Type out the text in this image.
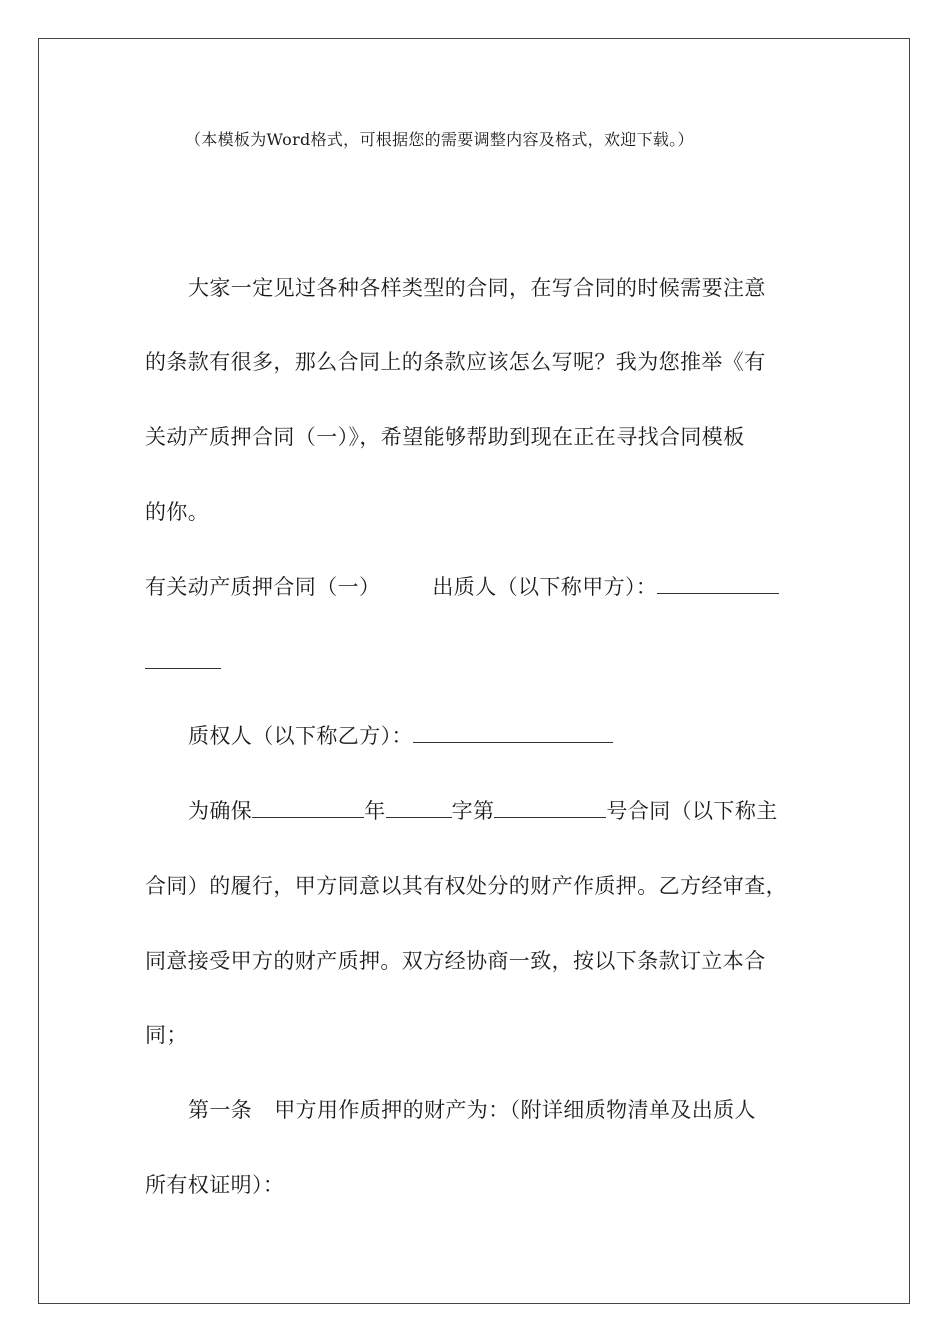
（本模板为Word格式，可根据您的需要调整内容及格式，欢迎下载。）
大家一定见过各种各样类型的合同，在写合同的时候需要注意
的条款有很多，那么合同上的条款应该怎么写呢？我为您推举《有
关动产质押合同（一）》，希望能够帮助到现在正在寻找合同模板
的你。
有关动产质押合同（一） 出质人（以下称甲方）：
质权人（以下称乙方）：
为确保	年	字第	号合同（以下称主
合同）的履行，甲方同意以其有权处分的财产作质押。乙方经审查，
同意接受甲方的财产质押。双方经协商一致，按以下条款订立本合
同；
第一条 甲方用作质押的财产为：（附详细质物清单及出质人
所有权证明）：
